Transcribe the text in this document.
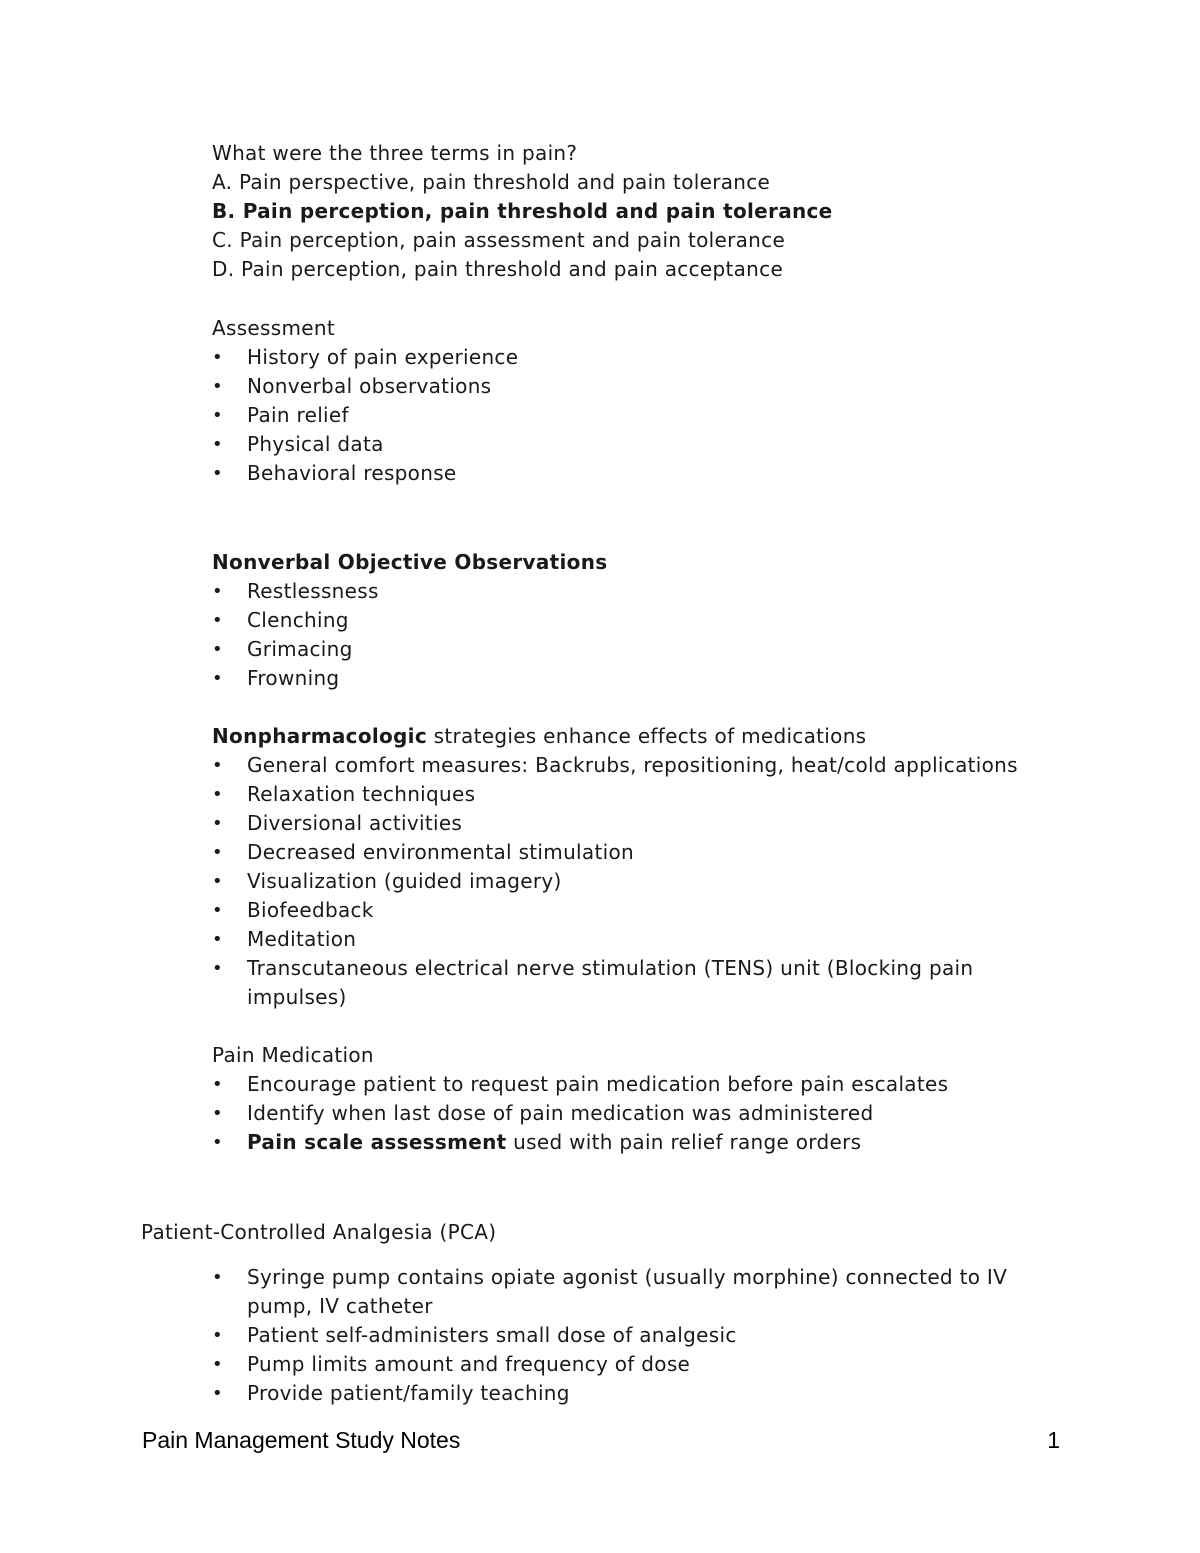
What were the three terms in pain?
A. Pain perspective, pain threshold and pain tolerance
B. Pain perception, pain threshold and pain tolerance
C. Pain perception, pain assessment and pain tolerance
D. Pain perception, pain threshold and pain acceptance
Assessment
• History of pain experience
• Nonverbal observations
• Pain relief
• Physical data
• Behavioral response
Nonverbal Objective Observations
• Restlessness
• Clenching
• Grimacing
• Frowning
Nonpharmacologic strategies enhance effects of medications
• General comfort measures: Backrubs, repositioning, heat/cold applications
• Relaxation techniques
• Diversional activities
• Decreased environmental stimulation
• Visualization (guided imagery)
• Biofeedback
• Meditation
• Transcutaneous electrical nerve stimulation (TENS) unit (Blocking pain impulses)
Pain Medication
• Encourage patient to request pain medication before pain escalates
• Identify when last dose of pain medication was administered
• Pain scale assessment used with pain relief range orders
Patient-Controlled Analgesia (PCA)
• Syringe pump contains opiate agonist (usually morphine) connected to IV pump, IV catheter
• Patient self-administers small dose of analgesic
• Pump limits amount and frequency of dose
• Provide patient/family teaching
Pain Management Study Notes	1
